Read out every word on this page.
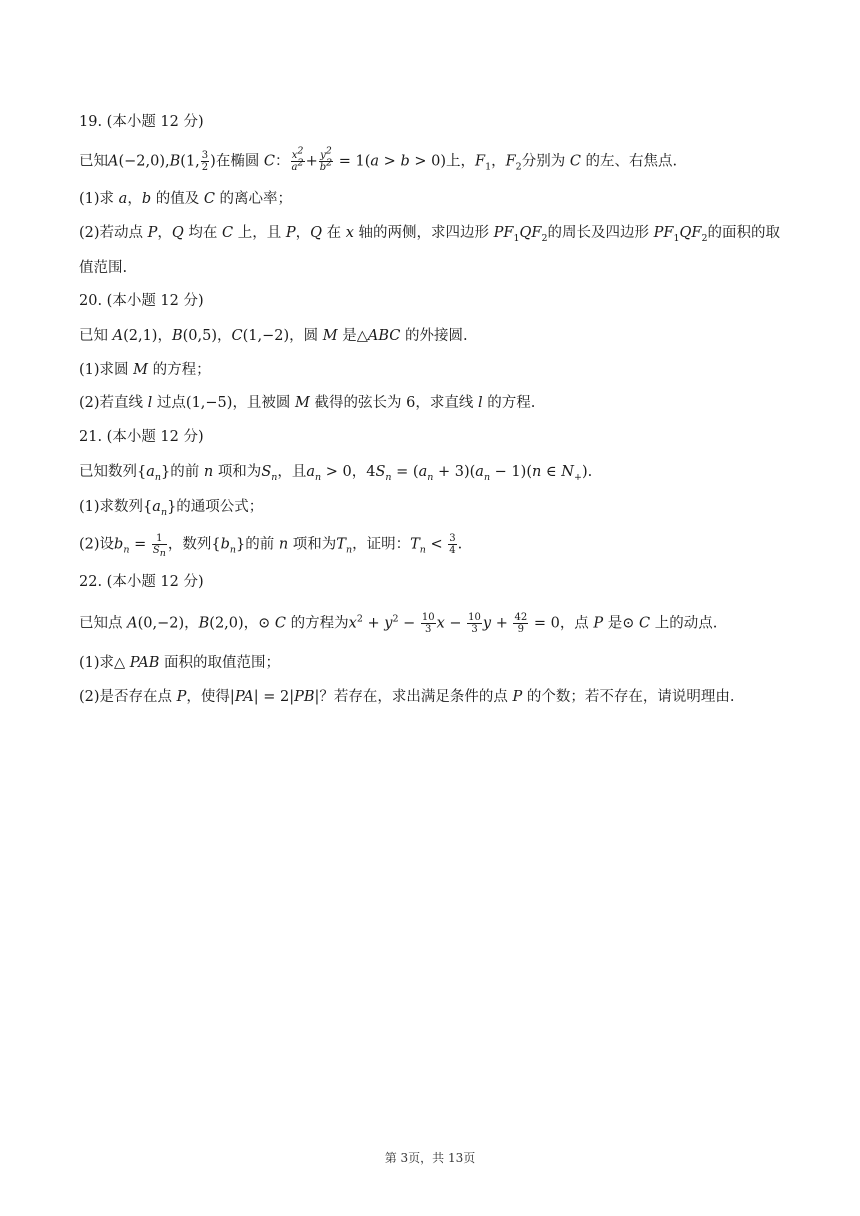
19. (本小题 12 分)
已知A(−2,0),B(1, $\frac{3}{2}$ )在椭圆 C： $\frac{x^2}{a^2} + \frac{y^2}{b^2} = 1(a > b > 0)$上，$F_1$，$F_2$分别为 C 的左、右焦点.
(1)求 a，b 的值及 C 的离心率；
(2)若动点 P，Q 均在 C 上，且 P，Q 在 x 轴的两侧，求四边形 $PF_1QF_2$的周长及四边形 $PF_1QF_2$的面积的取
值范围.
20. (本小题 12 分)
已知 A(2,1)，B(0,5)，C(1,−2)，圆 M 是△ABC 的外接圆.
(1)求圆 M 的方程；
(2)若直线 l 过点(1,−5)，且被圆 M 截得的弦长为 6，求直线 l 的方程.
21. (本小题 12 分)
已知数列$\{a_n\}$的前 n 项和为$S_n$，且$a_n > 0$，$4S_n = (a_n + 3)(a_n - 1)(n$ ∈ $N_+$).
(1)求数列$\{a_n\}$的通项公式；
(2)设$b_n = \frac{1}{S_n}$ ，数列$\{b_n\}$的前 n 项和为$T_n$，证明：$T_n < \frac{3}{4}$ .
22. (本小题 12 分)
已知点 A(0,−2)，B(2,0)，⊙ C 的方程为$x^2 + y^2 - \frac{10}{3}$ $x - \frac{10}{3}$ $y + \frac{42}{9} = 0$，点 P 是⊙ C 上的动点.
(1)求△ PAB 面积的取值范围；
(2)是否存在点 P，使得|PA| = 2|PB|？若存在，求出满足条件的点 P 的个数；若不存在，请说明理由.
第 3页，共 13页
